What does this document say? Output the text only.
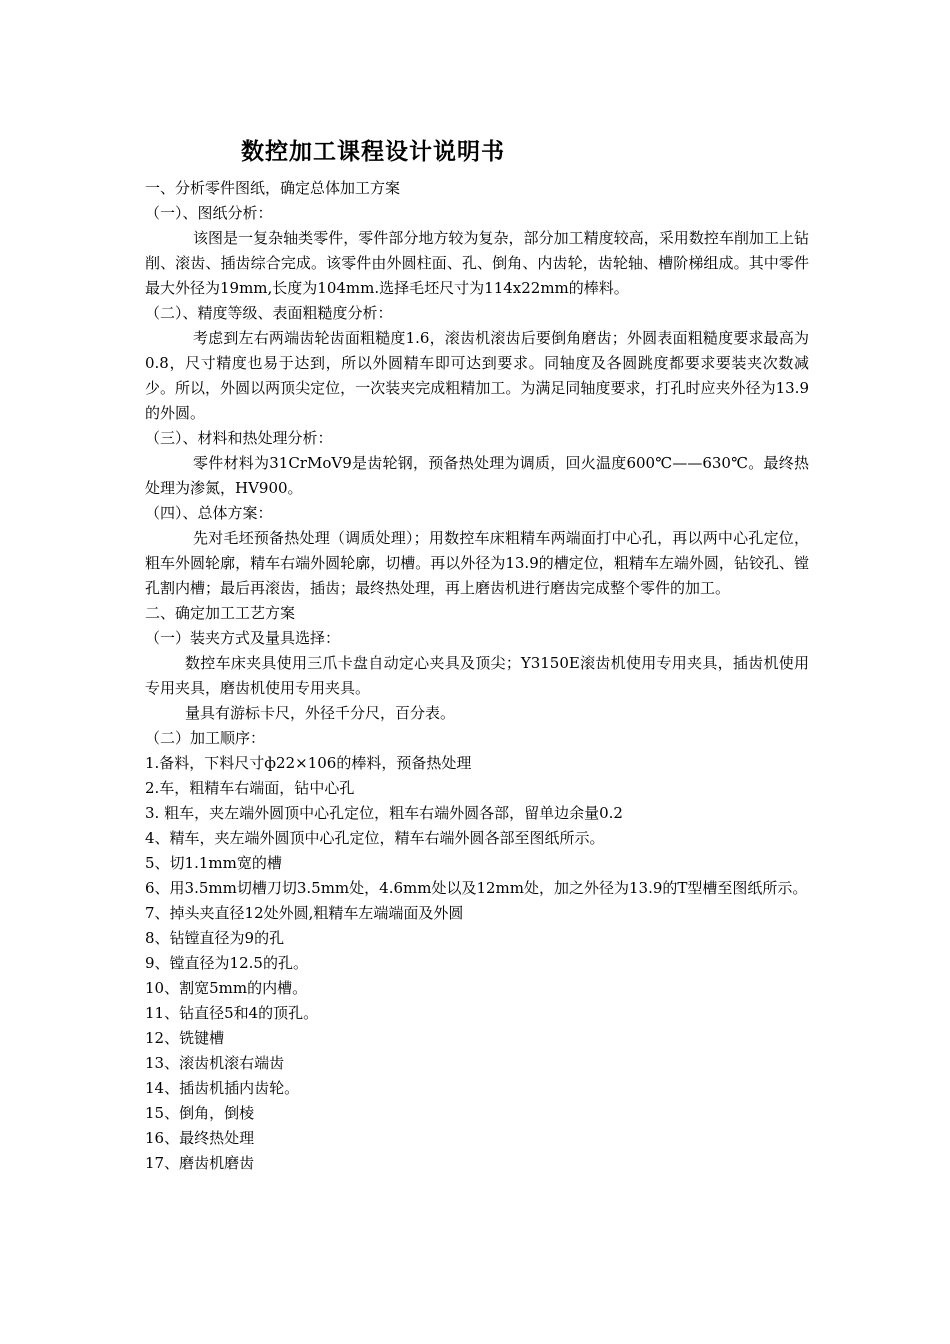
数控加工课程设计说明书

一、分析零件图纸，确定总体加工方案

（一）、图纸分析：

该图是一复杂轴类零件，零件部分地方较为复杂，部分加工精度较高，采用数控车削加工上钻削、滚齿、插齿综合完成。该零件由外圆柱面、孔、倒角、内齿轮，齿轮轴、槽阶梯组成。其中零件最大外径为19mm,长度为104mm.选择毛坯尺寸为114x22mm的棒料。

（二）、精度等级、表面粗糙度分析：

考虑到左右两端齿轮齿面粗糙度1.6，滚齿机滚齿后要倒角磨齿；外圆表面粗糙度要求最高为0.8，尺寸精度也易于达到，所以外圆精车即可达到要求。同轴度及各圆跳度都要求要装夹次数减少。所以，外圆以两顶尖定位，一次装夹完成粗精加工。为满足同轴度要求，打孔时应夹外径为13.9的外圆。

（三）、材料和热处理分析：

零件材料为31CrMoV9是齿轮钢，预备热处理为调质，回火温度600℃——630℃。最终热处理为渗氮，HV900。

（四）、总体方案：

先对毛坯预备热处理（调质处理）；用数控车床粗精车两端面打中心孔，再以两中心孔定位，粗车外圆轮廓，精车右端外圆轮廓，切槽。再以外径为13.9的槽定位，粗精车左端外圆，钻铰孔、镗孔割内槽；最后再滚齿，插齿；最终热处理，再上磨齿机进行磨齿完成整个零件的加工。

二、确定加工工艺方案

（一）装夹方式及量具选择：

数控车床夹具使用三爪卡盘自动定心夹具及顶尖；Y3150E滚齿机使用专用夹具，插齿机使用专用夹具，磨齿机使用专用夹具。

量具有游标卡尺，外径千分尺，百分表。

（二）加工顺序：

1.备料，下料尺寸ф22×106的棒料，预备热处理

2.车，粗精车右端面，钻中心孔

3. 粗车，夹左端外圆顶中心孔定位，粗车右端外圆各部，留单边余量0.2

4、精车，夹左端外圆顶中心孔定位，精车右端外圆各部至图纸所示。

5、切1.1mm宽的槽

6、用3.5mm切槽刀切3.5mm处，4.6mm处以及12mm处，加之外径为13.9的T型槽至图纸所示。

7、掉头夹直径12处外圆,粗精车左端端面及外圆

8、钻镗直径为9的孔

9、镗直径为12.5的孔。

10、割宽5mm的内槽。

11、钻直径5和4的顶孔。

12、铣键槽

13、滚齿机滚右端齿

14、插齿机插内齿轮。

15、倒角，倒棱

16、最终热处理

17、磨齿机磨齿
